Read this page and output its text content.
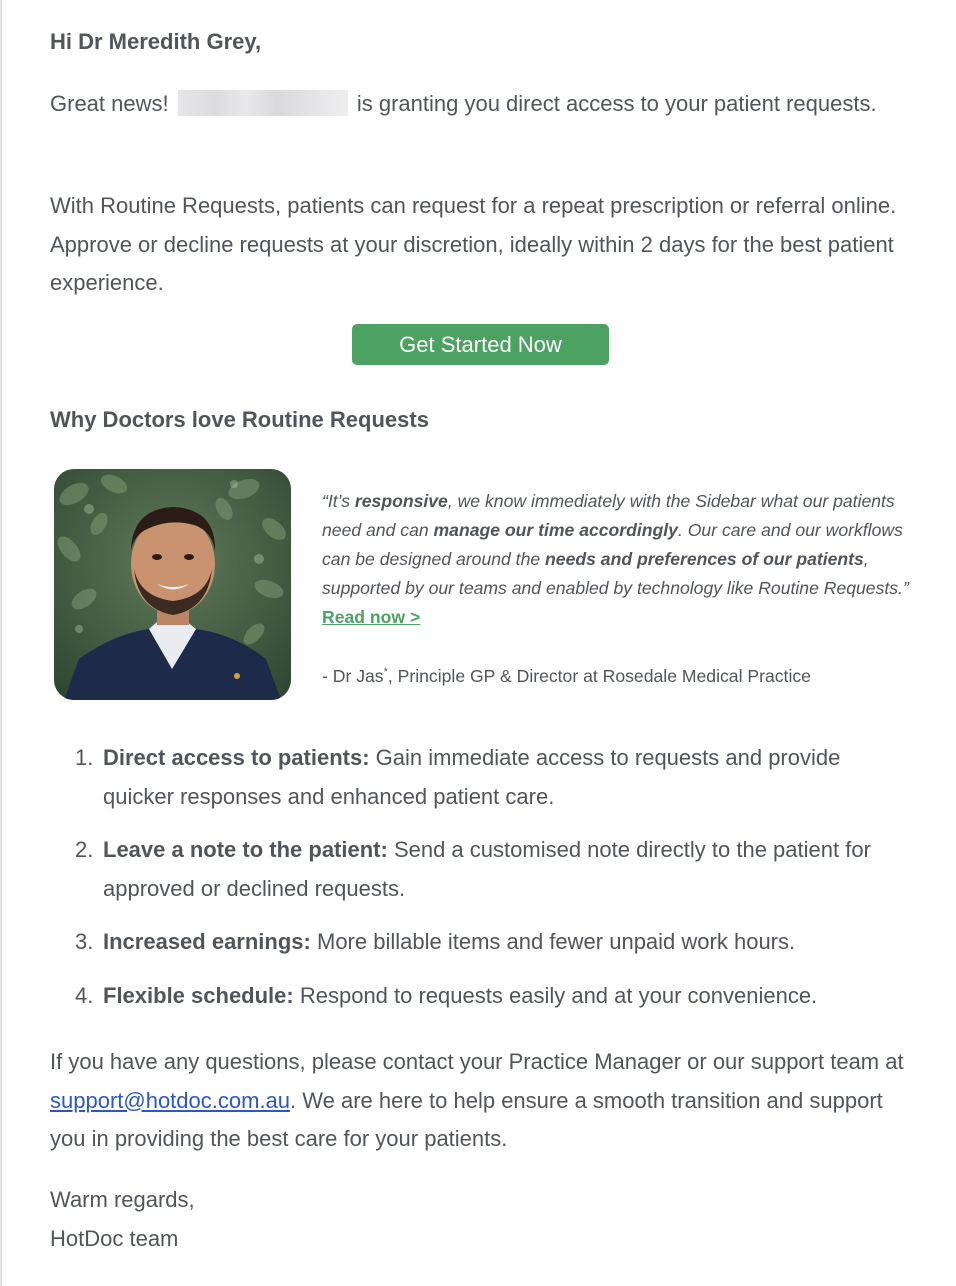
Hi Dr Meredith Grey,

Great news!	is granting you direct access to your patient requests.

With Routine Requests, patients can request for a repeat prescription or referral online. Approve or decline requests at your discretion, ideally within 2 days for the best patient experience.

Get Started Now
Why Doctors love Routine Requests

“It’s responsive, we know immediately with the Sidebar what our patients need and can manage our time accordingly. Our care and our workflows can be designed around the needs and preferences of our patients, supported by our teams and enabled by technology like Routine Requests.” Read now >

- Dr Jas*, Principle GP & Director at Rosedale Medical Practice

1. Direct access to patients: Gain immediate access to requests and provide quicker responses and enhanced patient care.
2. Leave a note to the patient: Send a customised note directly to the patient for approved or declined requests.
3. Increased earnings: More billable items and fewer unpaid work hours.
4. Flexible schedule: Respond to requests easily and at your convenience.

If you have any questions, please contact your Practice Manager or our support team at support@hotdoc.com.au. We are here to help ensure a smooth transition and support you in providing the best care for your patients.

Warm regards,
HotDoc team
